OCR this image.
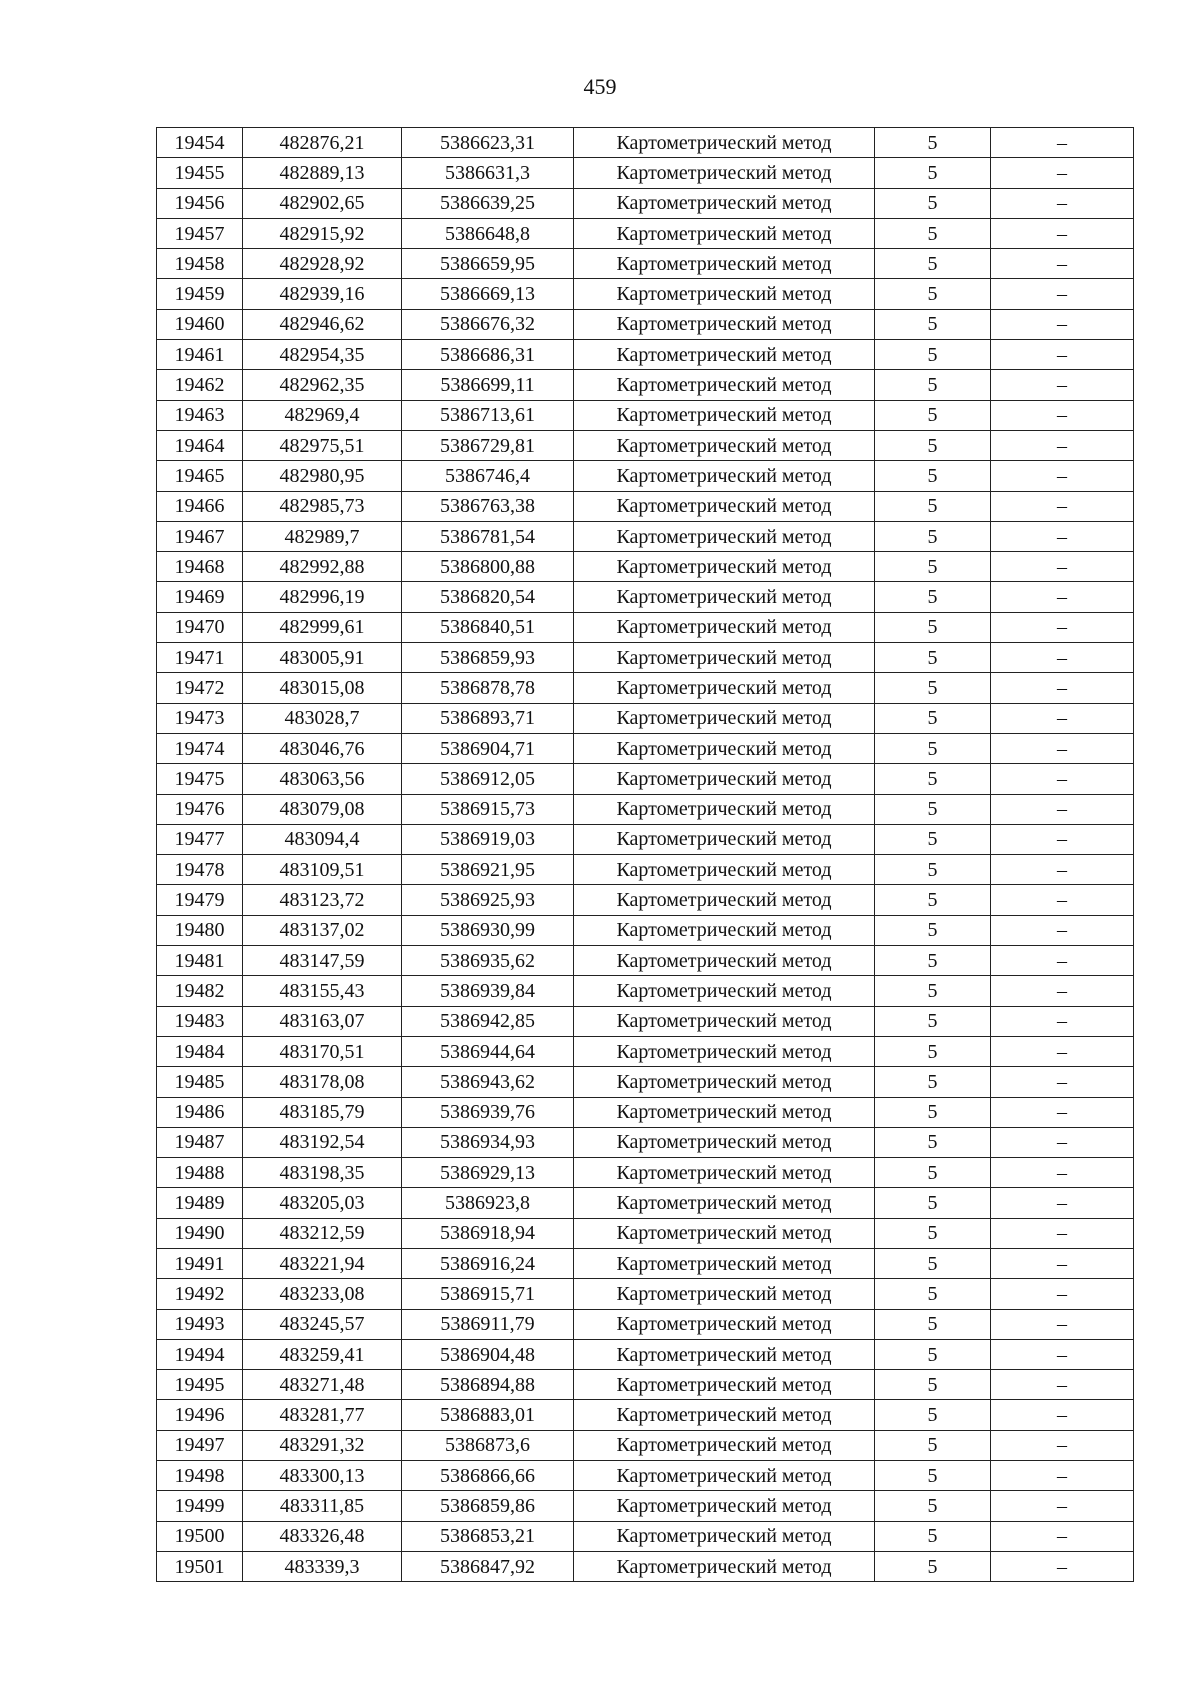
459
19454	482876,21	5386623,31	Картометрический метод	5	–
19455	482889,13	5386631,3	Картометрический метод	5	–
19456	482902,65	5386639,25	Картометрический метод	5	–
19457	482915,92	5386648,8	Картометрический метод	5	–
19458	482928,92	5386659,95	Картометрический метод	5	–
19459	482939,16	5386669,13	Картометрический метод	5	–
19460	482946,62	5386676,32	Картометрический метод	5	–
19461	482954,35	5386686,31	Картометрический метод	5	–
19462	482962,35	5386699,11	Картометрический метод	5	–
19463	482969,4	5386713,61	Картометрический метод	5	–
19464	482975,51	5386729,81	Картометрический метод	5	–
19465	482980,95	5386746,4	Картометрический метод	5	–
19466	482985,73	5386763,38	Картометрический метод	5	–
19467	482989,7	5386781,54	Картометрический метод	5	–
19468	482992,88	5386800,88	Картометрический метод	5	–
19469	482996,19	5386820,54	Картометрический метод	5	–
19470	482999,61	5386840,51	Картометрический метод	5	–
19471	483005,91	5386859,93	Картометрический метод	5	–
19472	483015,08	5386878,78	Картометрический метод	5	–
19473	483028,7	5386893,71	Картометрический метод	5	–
19474	483046,76	5386904,71	Картометрический метод	5	–
19475	483063,56	5386912,05	Картометрический метод	5	–
19476	483079,08	5386915,73	Картометрический метод	5	–
19477	483094,4	5386919,03	Картометрический метод	5	–
19478	483109,51	5386921,95	Картометрический метод	5	–
19479	483123,72	5386925,93	Картометрический метод	5	–
19480	483137,02	5386930,99	Картометрический метод	5	–
19481	483147,59	5386935,62	Картометрический метод	5	–
19482	483155,43	5386939,84	Картометрический метод	5	–
19483	483163,07	5386942,85	Картометрический метод	5	–
19484	483170,51	5386944,64	Картометрический метод	5	–
19485	483178,08	5386943,62	Картометрический метод	5	–
19486	483185,79	5386939,76	Картометрический метод	5	–
19487	483192,54	5386934,93	Картометрический метод	5	–
19488	483198,35	5386929,13	Картометрический метод	5	–
19489	483205,03	5386923,8	Картометрический метод	5	–
19490	483212,59	5386918,94	Картометрический метод	5	–
19491	483221,94	5386916,24	Картометрический метод	5	–
19492	483233,08	5386915,71	Картометрический метод	5	–
19493	483245,57	5386911,79	Картометрический метод	5	–
19494	483259,41	5386904,48	Картометрический метод	5	–
19495	483271,48	5386894,88	Картометрический метод	5	–
19496	483281,77	5386883,01	Картометрический метод	5	–
19497	483291,32	5386873,6	Картометрический метод	5	–
19498	483300,13	5386866,66	Картометрический метод	5	–
19499	483311,85	5386859,86	Картометрический метод	5	–
19500	483326,48	5386853,21	Картометрический метод	5	–
19501	483339,3	5386847,92	Картометрический метод	5	–
